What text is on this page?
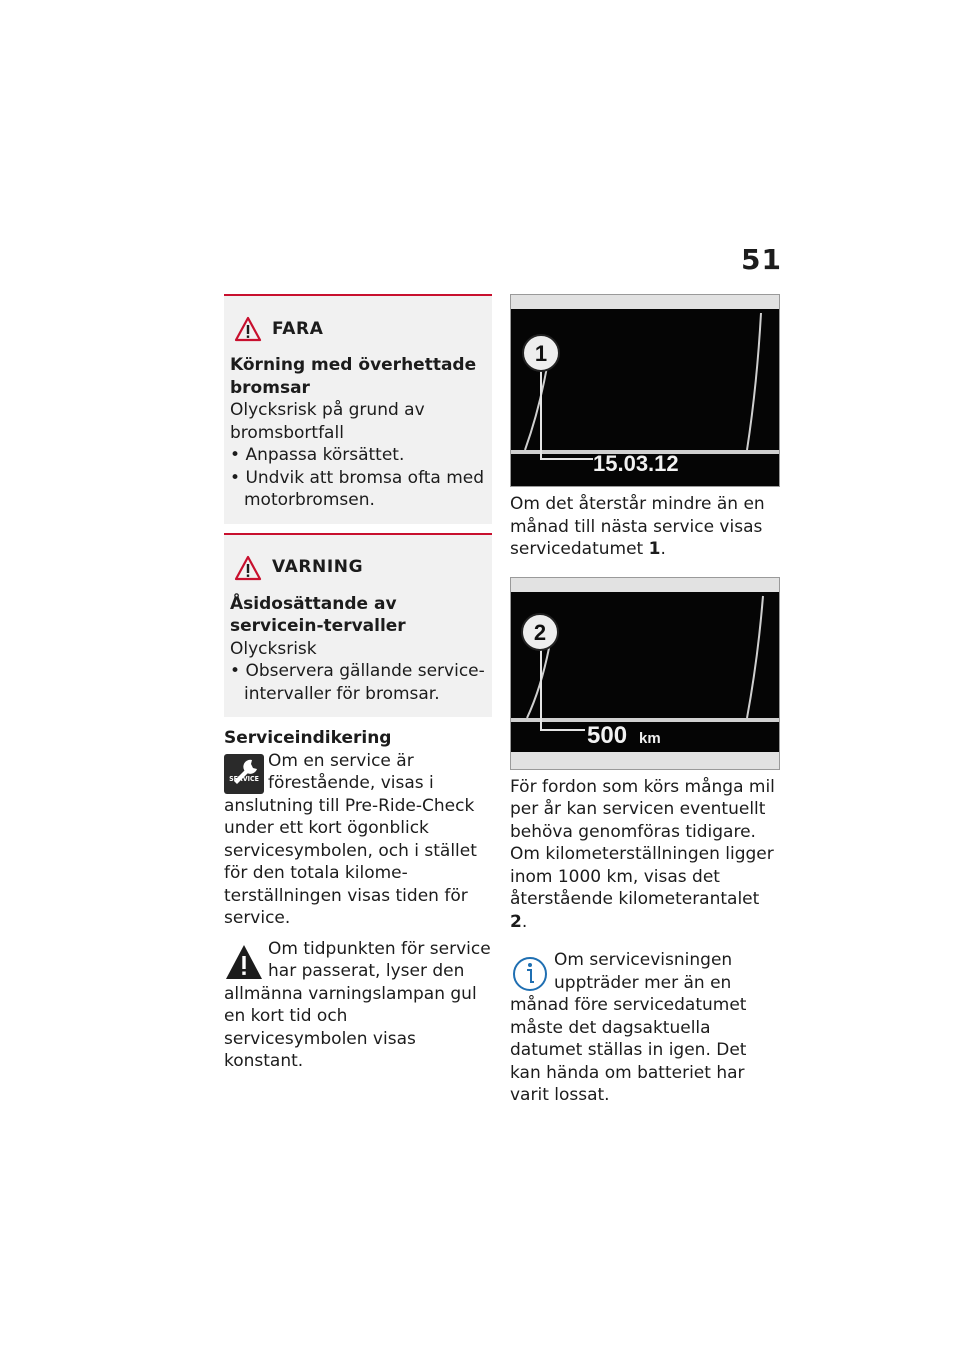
51
FARA
Körning med överhettade bromsar
Olycksrisk på grund av bromsbortfall
• Anpassa körsättet.
• Undvik att bromsa ofta med motorbromsen.
VARNING
Åsidosättande av servicein-tervaller
Olycksrisk
• Observera gällande service-intervaller för bromsar.
Serviceindikering
SERVICE
Om en service är förestående, visas i anslutning till Pre-Ride-Check under ett kort ögonblick servicesymbolen, och i stället för den totala kilome-terställningen visas tiden för service.
Om tidpunkten för service har passerat, lyser den allmänna varningslampan gul en kort tid och servicesymbolen visas konstant.
1
15.03.12
Om det återstår mindre än en månad till nästa service visas servicedatumet 1.
2
500 km
För fordon som körs många mil per år kan servicen eventuellt behöva genomföras tidigare. Om kilometerställningen ligger inom 1000 km, visas det återstående kilometerantalet 2.
Om servicevisningen uppträder mer än en månad före servicedatumet måste det dagsaktuella datumet ställas in igen. Det kan hända om batteriet har varit lossat.
